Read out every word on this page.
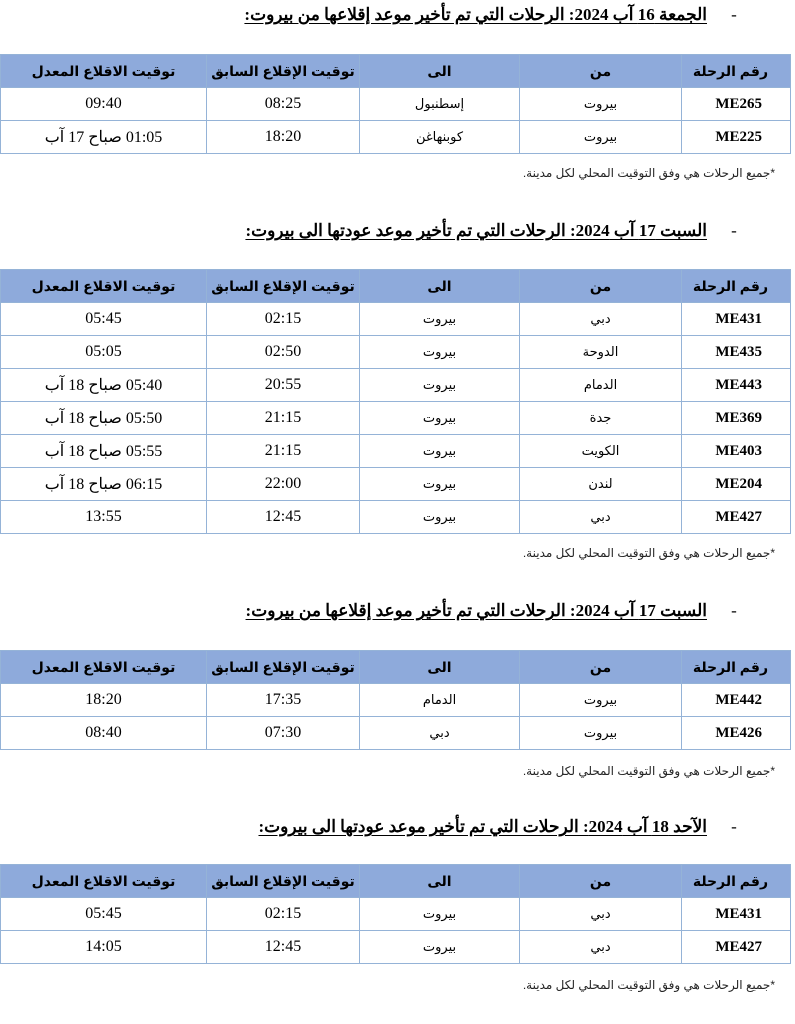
-الجمعة 16 آب 2024: الرحلات التي تم تأخير موعد إقلاعها من بيروت:
رقم الرحلة	من	الى	توقيت الإقلاع السابق	توقيت الاقلاع المعدل
ME265	بيروت	إسطنبول	08:25	09:40
ME225	بيروت	كوبنهاغن	18:20	01:05 صباح 17 آب
*جميع الرحلات هي وفق التوقيت المحلي لكل مدينة.
-السبت 17 آب 2024: الرحلات التي تم تأخير موعد عودتها الى بيروت:
رقم الرحلة	من	الى	توقيت الإقلاع السابق	توقيت الاقلاع المعدل
ME431	دبي	بيروت	02:15	05:45
ME435	الدوحة	بيروت	02:50	05:05
ME443	الدمام	بيروت	20:55	05:40 صباح 18 آب
ME369	جدة	بيروت	21:15	05:50 صباح 18 آب
ME403	الكويت	بيروت	21:15	05:55 صباح 18 آب
ME204	لندن	بيروت	22:00	06:15 صباح 18 آب
ME427	دبي	بيروت	12:45	13:55
*جميع الرحلات هي وفق التوقيت المحلي لكل مدينة.
-السبت 17 آب 2024: الرحلات التي تم تأخير موعد إقلاعها من بيروت:
رقم الرحلة	من	الى	توقيت الإقلاع السابق	توقيت الاقلاع المعدل
ME442	بيروت	الدمام	17:35	18:20
ME426	بيروت	دبي	07:30	08:40
*جميع الرحلات هي وفق التوقيت المحلي لكل مدينة.
-الآحد 18 آب 2024: الرحلات التي تم تأخير موعد عودتها الى بيروت:
رقم الرحلة	من	الى	توقيت الإقلاع السابق	توقيت الاقلاع المعدل
ME431	دبي	بيروت	02:15	05:45
ME427	دبي	بيروت	12:45	14:05
*جميع الرحلات هي وفق التوقيت المحلي لكل مدينة.
